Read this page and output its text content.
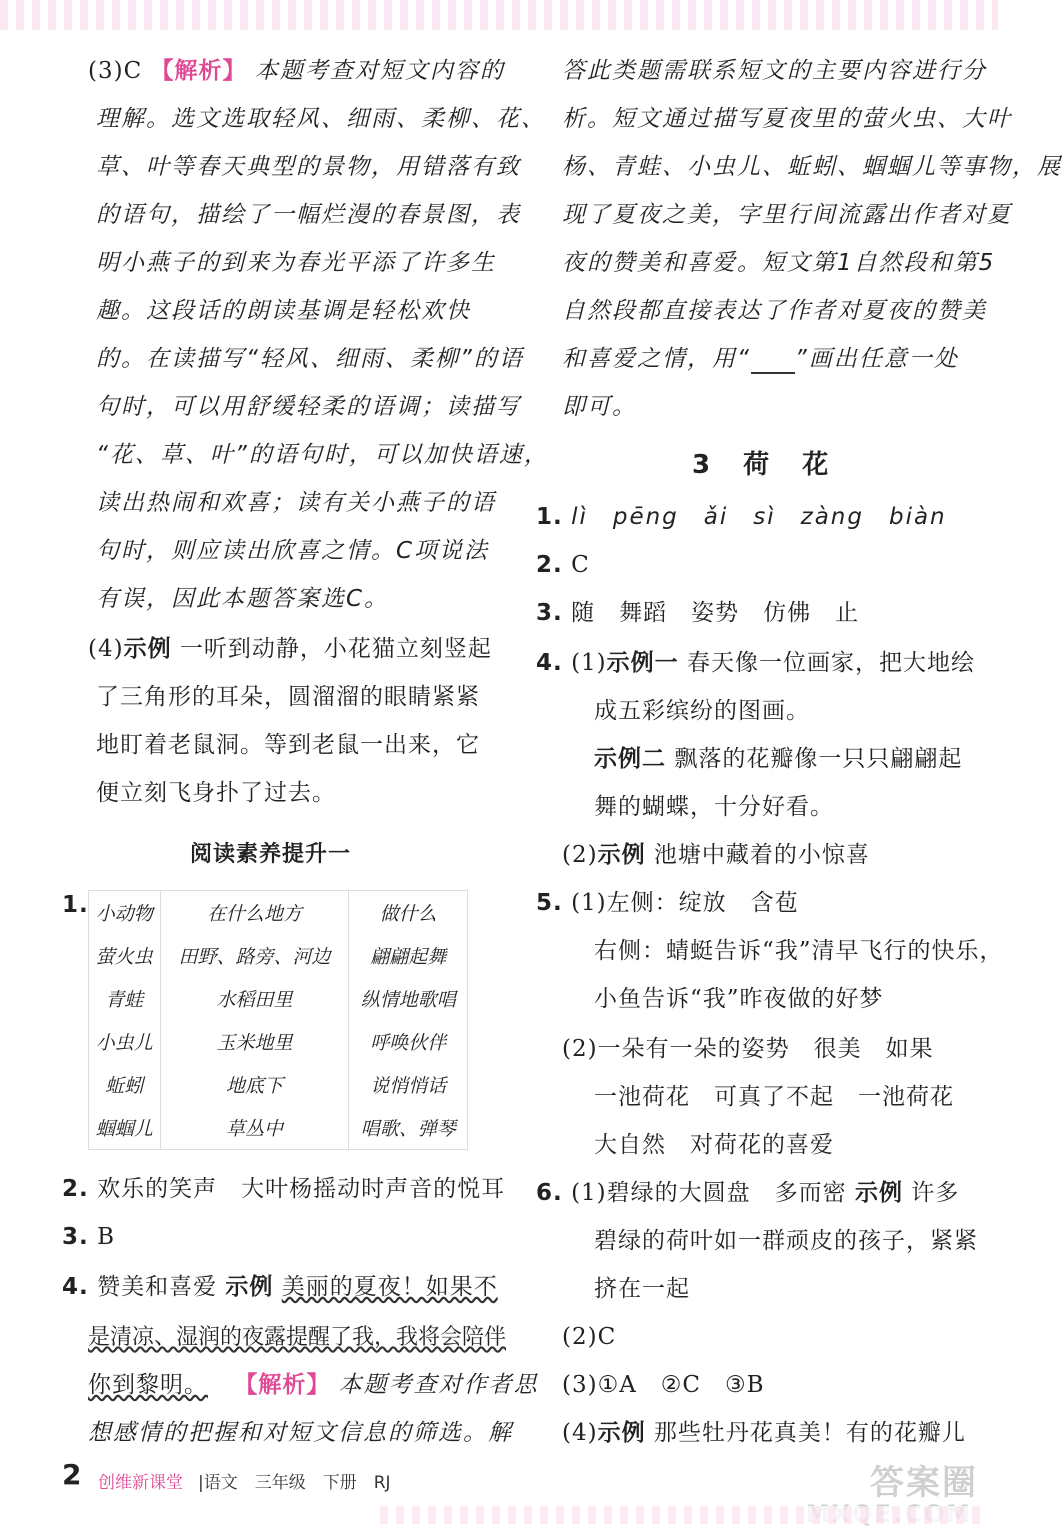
(3)C 【解析】 本题考查对短文内容的
理解。选文选取轻风、细雨、柔柳、花、
草、叶等春天典型的景物，用错落有致
的语句，描绘了一幅烂漫的春景图，表
明小燕子的到来为春光平添了许多生
趣。这段话的朗读基调是轻松欢快
的。在读描写“轻风、细雨、柔柳”的语
句时，可以用舒缓轻柔的语调；读描写
“花、草、叶”的语句时，可以加快语速，
读出热闹和欢喜；读有关小燕子的语
句时，则应读出欣喜之情。C项说法
有误，因此本题答案选C。
(4)示例 一听到动静，小花猫立刻竖起
了三角形的耳朵，圆溜溜的眼睛紧紧
地盯着老鼠洞。等到老鼠一出来，它
便立刻飞身扑了过去。
阅读素养提升一
1. 小动物	在什么地方	做什么
萤火虫	田野、路旁、河边	翩翩起舞
青蛙	水稻田里	纵情地歌唱
小虫儿	玉米地里	呼唤伙伴
蚯蚓	地底下	说悄悄话
蝈蝈儿	草丛中	唱歌、弹琴
2. 欢乐的笑声　大叶杨摇动时声音的悦耳
3. B
4. 赞美和喜爱 示例 美丽的夏夜！如果不
是清凉、湿润的夜露提醒了我，我将会陪伴
你到黎明。 【解析】 本题考查对作者思
想感情的把握和对短文信息的筛选。解
答此类题需联系短文的主要内容进行分
析。短文通过描写夏夜里的萤火虫、大叶
杨、青蛙、小虫儿、蚯蚓、蝈蝈儿等事物，展
现了夏夜之美，字里行间流露出作者对夏
夜的赞美和喜爱。短文第1自然段和第5
自然段都直接表达了作者对夏夜的赞美
和喜爱之情，用“ ”画出任意一处
即可。
3 荷 花
1. lì　pēng　ǎi　sì　zàng　biàn
2. C
3. 随　舞蹈　姿势　仿佛　止
4. (1)示例一 春天像一位画家，把大地绘
成五彩缤纷的图画。
示例二 飘落的花瓣像一只只翩翩起
舞的蝴蝶，十分好看。
(2)示例 池塘中藏着的小惊喜
5. (1)左侧：绽放　含苞
右侧：蜻蜓告诉“我”清早飞行的快乐，
小鱼告诉“我”昨夜做的好梦
(2)一朵有一朵的姿势　很美　如果
一池荷花　可真了不起　一池荷花
大自然　对荷花的喜爱
6. (1)碧绿的大圆盘　多而密 示例 许多
碧绿的荷叶如一群顽皮的孩子，紧紧
挤在一起
(2)C
(3)①A　②C　③B
(4)示例 那些牡丹花真美！有的花瓣儿
2 创维新课堂 |语文　三年级　下册　RJ	答案圈
